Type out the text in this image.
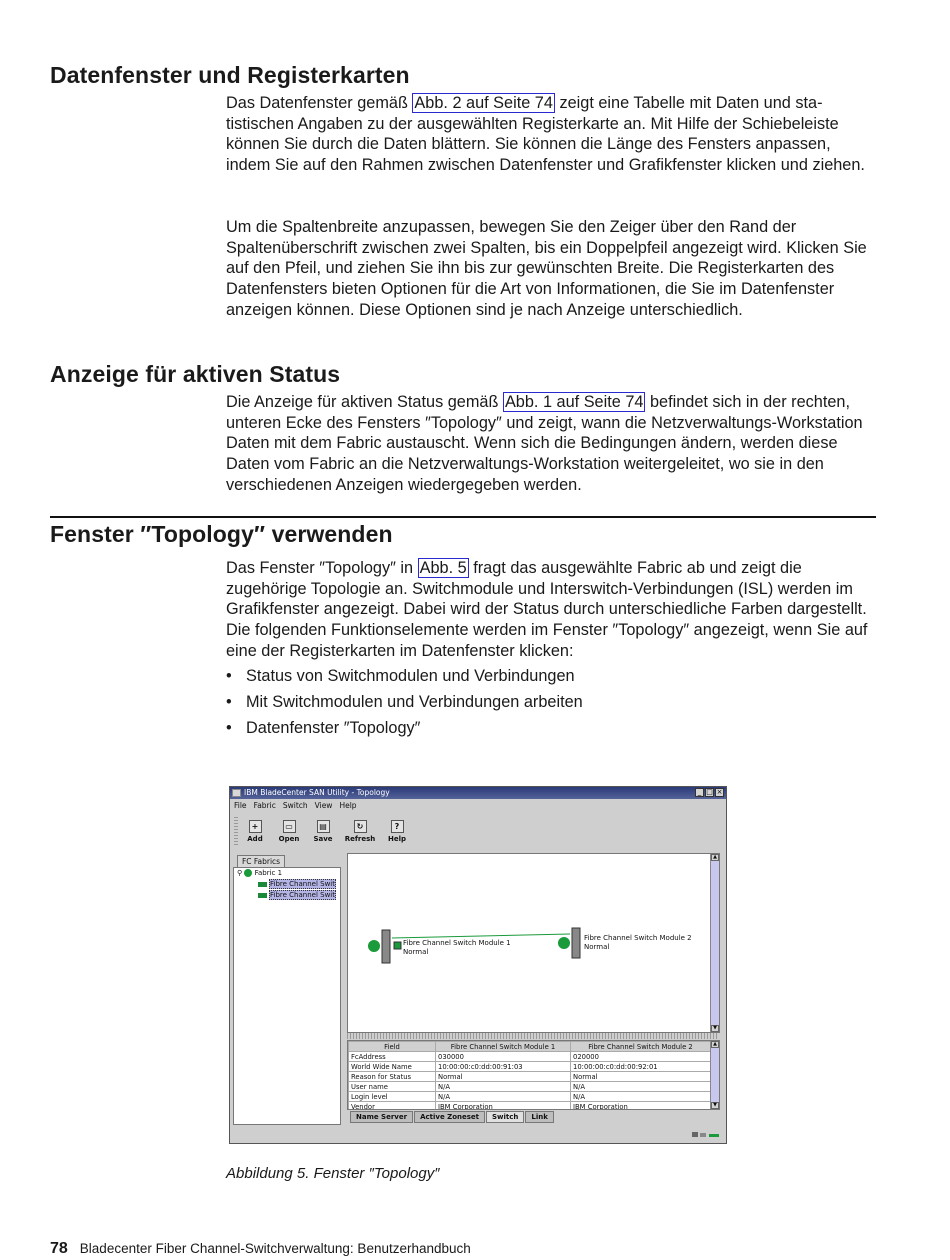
Datenfenster und Registerkarten

Das Datenfenster gemäß Abb. 2 auf Seite 74 zeigt eine Tabelle mit Daten und statistischen Angaben zu der ausgewählten Registerkarte an. Mit Hilfe der Schiebeleiste können Sie durch die Daten blättern. Sie können die Länge des Fensters anpassen, indem Sie auf den Rahmen zwischen Datenfenster und Grafikfenster klicken und ziehen.

Um die Spaltenbreite anzupassen, bewegen Sie den Zeiger über den Rand der Spaltenüberschrift zwischen zwei Spalten, bis ein Doppelpfeil angezeigt wird. Klicken Sie auf den Pfeil, und ziehen Sie ihn bis zur gewünschten Breite. Die Registerkarten des Datenfensters bieten Optionen für die Art von Informationen, die Sie im Datenfenster anzeigen können. Diese Optionen sind je nach Anzeige unterschiedlich.

Anzeige für aktiven Status

Die Anzeige für aktiven Status gemäß Abb. 1 auf Seite 74 befindet sich in der rechten, unteren Ecke des Fensters ″Topology″ und zeigt, wann die Netzverwaltungs-Workstation Daten mit dem Fabric austauscht. Wenn sich die Bedingungen ändern, werden diese Daten vom Fabric an die Netzverwaltungs-Workstation weitergeleitet, wo sie in den verschiedenen Anzeigen wiedergegeben werden.

Fenster ″Topology″ verwenden

Das Fenster ″Topology″ in Abb. 5 fragt das ausgewählte Fabric ab und zeigt die zugehörige Topologie an. Switchmodule und Interswitch-Verbindungen (ISL) werden im Grafikfenster angezeigt. Dabei wird der Status durch unterschiedliche Farben dargestellt. Die folgenden Funktionselemente werden im Fenster ″Topology″ angezeigt, wenn Sie auf eine der Registerkarten im Datenfenster klicken:

• Status von Switchmodulen und Verbindungen
• Mit Switchmodulen und Verbindungen arbeiten
• Datenfenster ″Topology″
IBM BladeCenter SAN Utility - Topology	_ □ ×
File Fabric Switch View Help
+
Add
▭
Open
▤
Save
↻
Refresh
?
Help
FC Fabrics
⚲ Fabric 1
Fibre Channel Swit
Fibre Channel Swit
Fibre Channel Switch Module 1
Normal
Fibre Channel Switch Module 2
Normal
▲
▼
Field	Fibre Channel Switch Module 1	Fibre Channel Switch Module 2
FcAddress	030000	020000
World Wide Name	10:00:00:c0:dd:00:91:03	10:00:00:c0:dd:00:92:01
Reason for Status	Normal	Normal
User name	N/A	N/A
Login level	N/A	N/A
Vendor	IBM Corporation	IBM Corporation
▲
▼
Name Server	Active Zoneset	Switch	Link
Abbildung 5. Fenster ″Topology″
78 Bladecenter Fiber Channel-Switchverwaltung: Benutzerhandbuch
